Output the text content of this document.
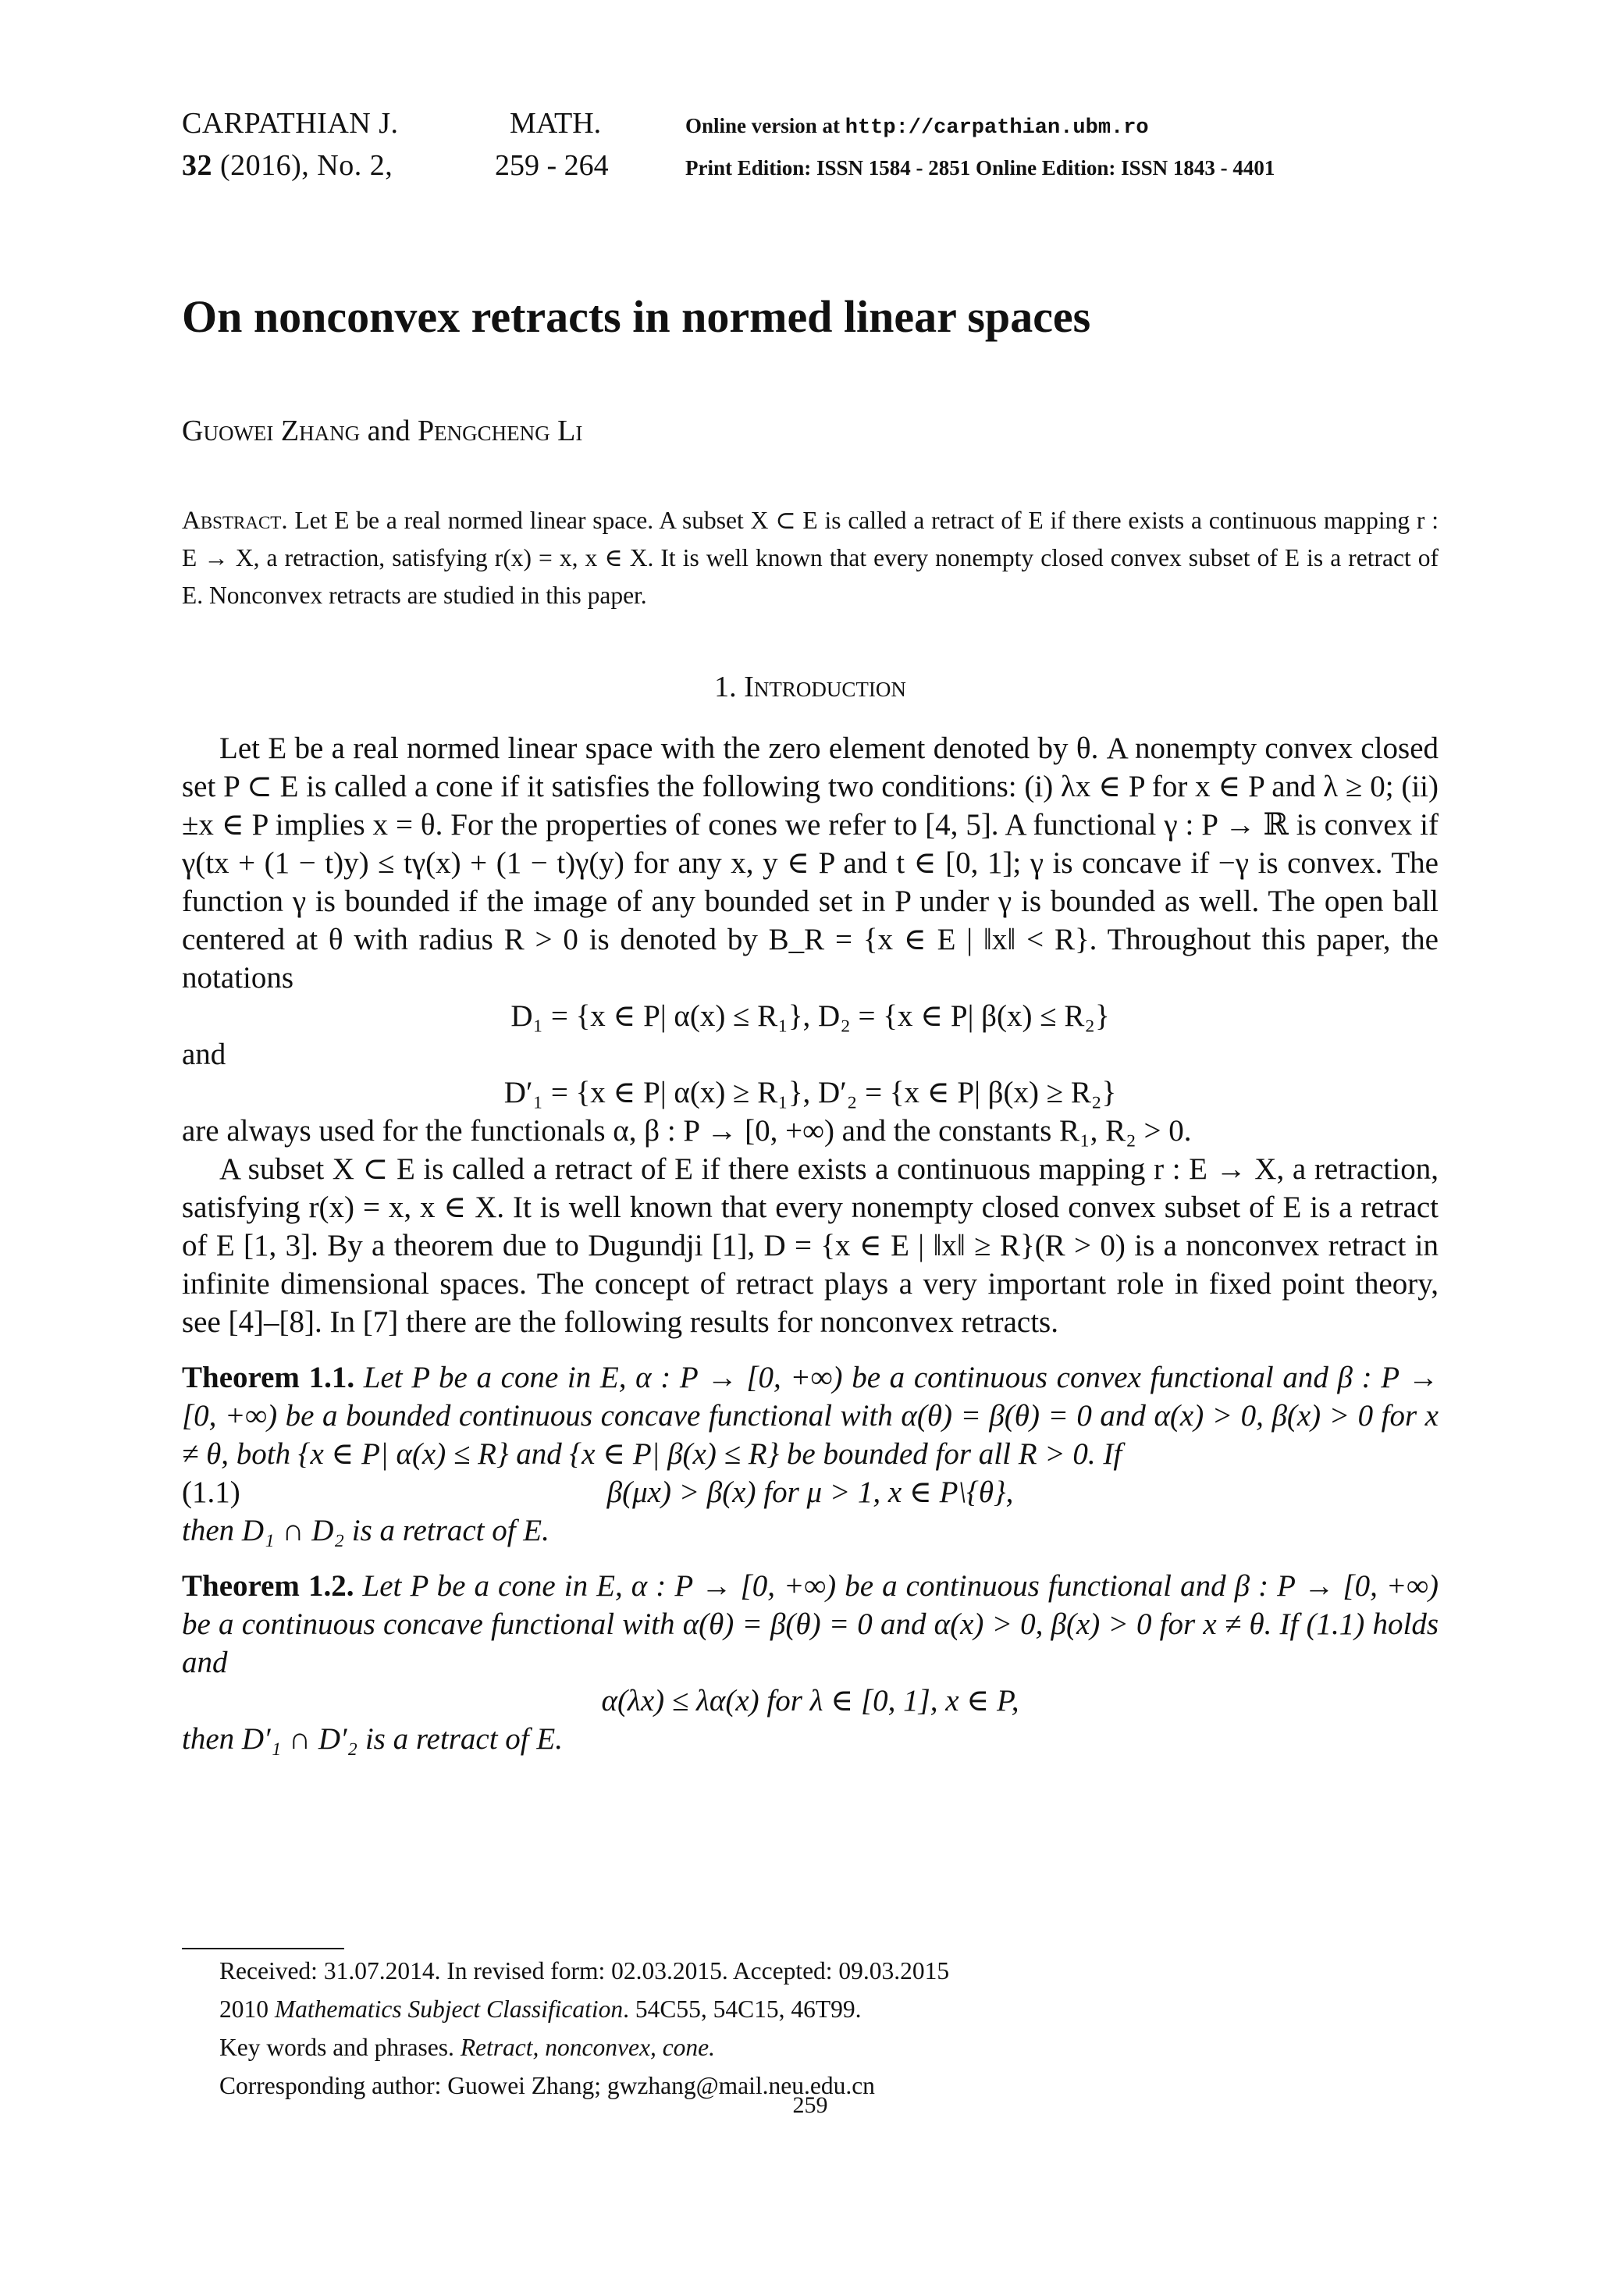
CARPATHIAN J.	MATH.	Online version at http://carpathian.ubm.ro
32 (2016), No. 2,	259 - 264	Print Edition: ISSN 1584 - 2851 Online Edition: ISSN 1843 - 4401
On nonconvex retracts in normed linear spaces
Guowei Zhang and Pengcheng Li
Abstract. Let E be a real normed linear space. A subset X ⊂ E is called a retract of E if there exists a continuous mapping r : E → X, a retraction, satisfying r(x) = x, x ∈ X. It is well known that every nonempty closed convex subset of E is a retract of E. Nonconvex retracts are studied in this paper.
1. Introduction

Let E be a real normed linear space with the zero element denoted by θ. A nonempty convex closed set P ⊂ E is called a cone if it satisfies the following two conditions: (i) λx ∈ P for x ∈ P and λ ≥ 0; (ii) ±x ∈ P implies x = θ. For the properties of cones we refer to [4, 5]. A functional γ : P → ℝ is convex if γ(tx + (1 − t)y) ≤ tγ(x) + (1 − t)γ(y) for any x, y ∈ P and t ∈ [0, 1]; γ is concave if −γ is convex. The function γ is bounded if the image of any bounded set in P under γ is bounded as well. The open ball centered at θ with radius R > 0 is denoted by B_R = {x ∈ E | ‖x‖ < R}. Throughout this paper, the notations

D₁ = {x ∈ P| α(x) ≤ R₁}, D₂ = {x ∈ P| β(x) ≤ R₂}

and

D′₁ = {x ∈ P| α(x) ≥ R₁}, D′₂ = {x ∈ P| β(x) ≥ R₂}

are always used for the functionals α, β : P → [0, +∞) and the constants R₁, R₂ > 0.

A subset X ⊂ E is called a retract of E if there exists a continuous mapping r : E → X, a retraction, satisfying r(x) = x, x ∈ X. It is well known that every nonempty closed convex subset of E is a retract of E [1, 3]. By a theorem due to Dugundji [1], D = {x ∈ E | ‖x‖ ≥ R}(R > 0) is a nonconvex retract in infinite dimensional spaces. The concept of retract plays a very important role in fixed point theory, see [4]–[8]. In [7] there are the following results for nonconvex retracts.

Theorem 1.1. Let P be a cone in E, α : P → [0, +∞) be a continuous convex functional and β : P → [0, +∞) be a bounded continuous concave functional with α(θ) = β(θ) = 0 and α(x) > 0, β(x) > 0 for x ≠ θ, both {x ∈ P| α(x) ≤ R} and {x ∈ P| β(x) ≤ R} be bounded for all R > 0. If

(1.1)	β(μx) > β(x) for μ > 1, x ∈ P\{θ},

then D₁ ∩ D₂ is a retract of E.

Theorem 1.2. Let P be a cone in E, α : P → [0, +∞) be a continuous functional and β : P → [0, +∞) be a continuous concave functional with α(θ) = β(θ) = 0 and α(x) > 0, β(x) > 0 for x ≠ θ. If (1.1) holds and

α(λx) ≤ λα(x) for λ ∈ [0, 1], x ∈ P,

then D′₁ ∩ D′₂ is a retract of E.

Received: 31.07.2014. In revised form: 02.03.2015. Accepted: 09.03.2015
2010 Mathematics Subject Classification. 54C55, 54C15, 46T99.
Key words and phrases. Retract, nonconvex, cone.
Corresponding author: Guowei Zhang; gwzhang@mail.neu.edu.cn
259
